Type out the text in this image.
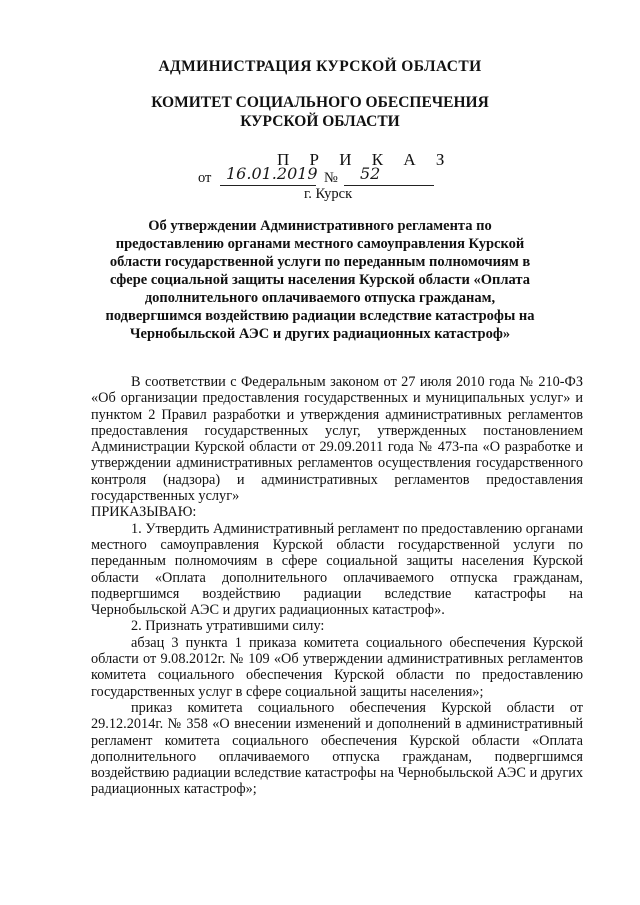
АДМИНИСТРАЦИЯ КУРСКОЙ ОБЛАСТИ
КОМИТЕТ СОЦИАЛЬНОГО ОБЕСПЕЧЕНИЯ
КУРСКОЙ ОБЛАСТИ
П Р И К А З
от 16.01.2019 № 52
г. Курск
Об утверждении Административного регламента по предоставлению органами местного самоуправления Курской области государственной услуги по переданным полномочиям в сфере социальной защиты населения Курской области «Оплата дополнительного оплачиваемого отпуска гражданам, подвергшимся воздействию радиации вследствие катастрофы на Чернобыльской АЭС и других радиационных катастроф»

В соответствии с Федеральным законом от 27 июля 2010 года № 210-ФЗ «Об организации предоставления государственных и муниципальных услуг» и пунктом 2 Правил разработки и утверждения административных регламентов предоставления государственных услуг, утвержденных постановлением Администрации Курской области от 29.09.2011 года № 473-па «О разработке и утверждении административных регламентов осуществления государственного контроля (надзора) и административных регламентов предоставления государственных услуг»

ПРИКАЗЫВАЮ:

1. Утвердить Административный регламент по предоставлению органами местного самоуправления Курской области государственной услуги по переданным полномочиям в сфере социальной защиты населения Курской области «Оплата дополнительного оплачиваемого отпуска гражданам, подвергшимся воздействию радиации вследствие катастрофы на Чернобыльской АЭС и других радиационных катастроф».

2. Признать утратившими силу:

абзац 3 пункта 1 приказа комитета социального обеспечения Курской области от 9.08.2012г. № 109 «Об утверждении административных регламентов комитета социального обеспечения Курской области по предоставлению государственных услуг в сфере социальной защиты населения»;

приказ комитета социального обеспечения Курской области от 29.12.2014г. № 358 «О внесении изменений и дополнений в административный регламент комитета социального обеспечения Курской области «Оплата дополнительного оплачиваемого отпуска гражданам, подвергшимся воздействию радиации вследствие катастрофы на Чернобыльской АЭС и других радиационных катастроф»;
